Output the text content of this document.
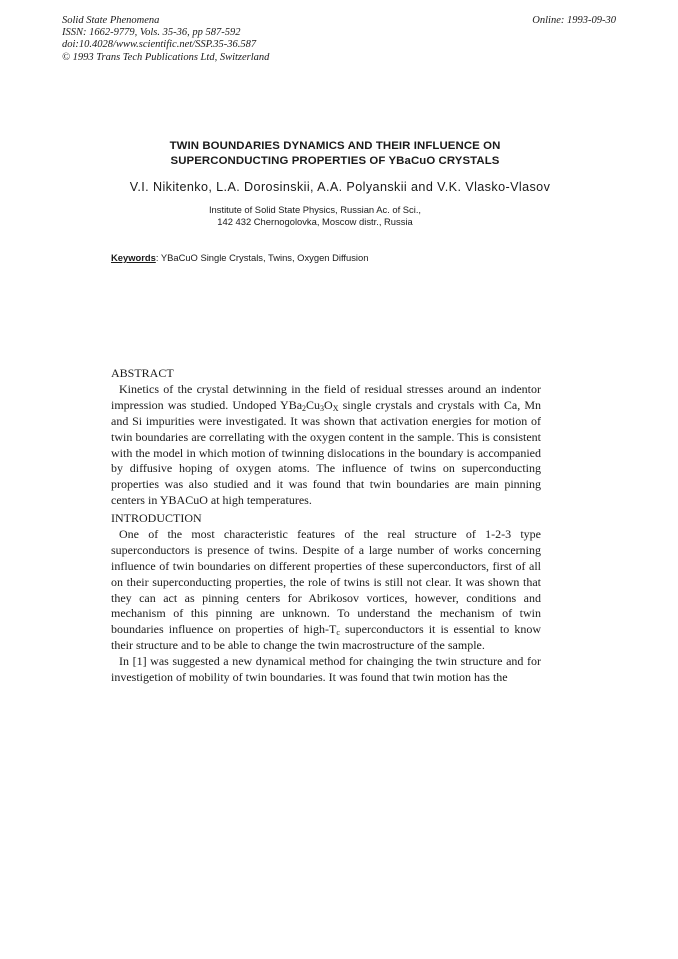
Solid State Phenomena
ISSN: 1662-9779, Vols. 35-36, pp 587-592
doi:10.4028/www.scientific.net/SSP.35-36.587
© 1993 Trans Tech Publications Ltd, Switzerland
Online: 1993-09-30
TWIN BOUNDARIES DYNAMICS AND THEIR INFLUENCE ON
SUPERCONDUCTING PROPERTIES OF YBaCuO CRYSTALS
V.I. Nikitenko, L.A. Dorosinskii, A.A. Polyanskii and V.K. Vlasko-Vlasov
Institute of Solid State Physics, Russian Ac. of Sci.,
142 432 Chernogolovka, Moscow distr., Russia
Keywords: YBaCuO Single Crystals, Twins, Oxygen Diffusion
ABSTRACT
Kinetics of the crystal detwinning in the field of residual stresses around an indentor impression was studied. Undoped $YBa_2Cu_3O_X$ single crystals and crystals with Ca, Mn and Si impurities were investigated. It was shown that activation energies for motion of twin boundaries are correllating with the oxygen content in the sample. This is consistent with the model in which motion of twinning dislocations in the boundary is accompanied by diffusive hoping of oxygen atoms. The influence of twins on superconducting properties was also studied and it was found that twin boundaries are main pinning centers in YBACuO at high temperatures.
INTRODUCTION
One of the most characteristic features of the real structure of 1-2-3 type superconductors is presence of twins. Despite of a large number of works concerning influence of twin boundaries on different properties of these superconductors, first of all on their superconducting properties, the role of twins is still not clear. It was shown that they can act as pinning centers for Abrikosov vortices, however, conditions and mechanism of this pinning are unknown. To understand the mechanism of twin boundaries influence on properties of high-$T_c$ superconductors it is essential to know their structure and to be able to change the twin macrostructure of the sample.
In [1] was suggested a new dynamical method for chainging the twin structure and for investigetion of mobility of twin boundaries. It was found that twin motion has the
